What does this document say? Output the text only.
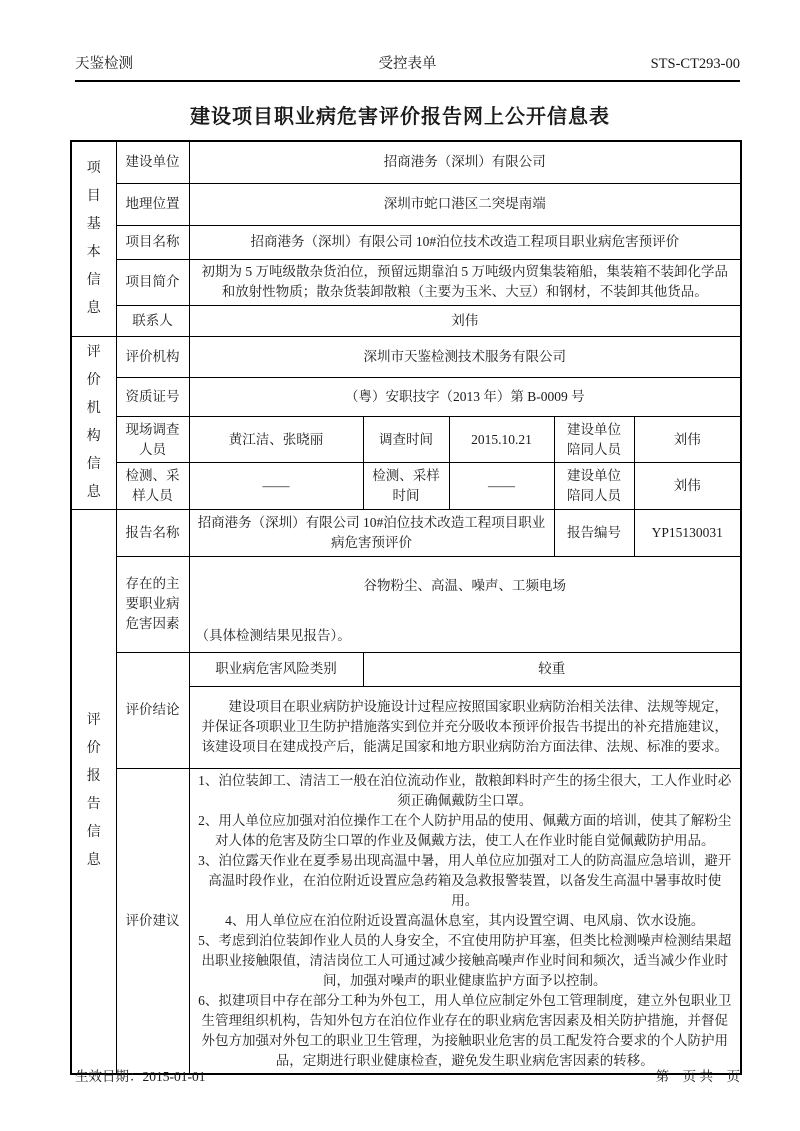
天鉴检测	受控表单	STS-CT293-00
建设项目职业病危害评价报告网上公开信息表
项目基本信息	建设单位	招商港务（深圳）有限公司				
	地理位置	深圳市蛇口港区二突堤南端				
	项目名称	招商港务（深圳）有限公司 10#泊位技术改造工程项目职业病危害预评价				
	项目简介	初期为 5 万吨级散杂货泊位，预留远期靠泊 5 万吨级内贸集装箱船，集装箱不装卸化学品和放射性物质；散杂货装卸散粮（主要为玉米、大豆）和钢材，不装卸其他货品。				
	联系人	刘伟				

评价机构信息	评价机构	深圳市天鉴检测技术服务有限公司				
	资质证号	（粤）安职技字（2013 年）第 B-0009 号				
	现场调查人员	黄江洁、张晓丽	调查时间	2015.10.21	建设单位陪同人员	刘伟
	检测、采样人员	——	检测、采样时间	——	建设单位陪同人员	刘伟

评价报告信息	报告名称	招商港务（深圳）有限公司 10#泊位技术改造工程项目职业病危害预评价			报告编号	YP15130031
	存在的主要职业病危害因素	谷物粉尘、高温、噪声、工频电场
（具体检测结果见报告）。				

	评价结论	职业病危害风险类别	较重			

		建设项目在职业病防护设施设计过程应按照国家职业病防治相关法律、法规等规定，并保证各项职业卫生防护措施落实到位并充分吸收本预评价报告书提出的补充措施建议，该建设项目在建成投产后，能满足国家和地方职业病防治方面法律、法规、标准的要求。				

评价建议	

1、泊位装卸工、清洁工一般在泊位流动作业，散粮卸料时产生的扬尘很大，工人作业时必须正确佩戴防尘口罩。

2、用人单位应加强对泊位操作工在个人防护用品的使用、佩戴方面的培训，使其了解粉尘对人体的危害及防尘口罩的作业及佩戴方法，使工人在作业时能自觉佩戴防护用品。

3、泊位露天作业在夏季易出现高温中暑，用人单位应加强对工人的防高温应急培训，避开高温时段作业，在泊位附近设置应急药箱及急救报警装置，以备发生高温中暑事故时使用。

4、用人单位应在泊位附近设置高温休息室，其内设置空调、电风扇、饮水设施。

5、考虑到泊位装卸作业人员的人身安全，不宜使用防护耳塞，但类比检测噪声检测结果超出职业接触限值，清洁岗位工人可通过减少接触高噪声作业时间和频次，适当减少作业时间，加强对噪声的职业健康监护方面予以控制。

6、拟建项目中存在部分工种为外包工，用人单位应制定外包工管理制度，建立外包职业卫生管理组织机构，告知外包方在泊位作业存在的职业病危害因素及相关防护措施，并督促外包方加强对外包工的职业卫生管理，为接触职业危害的员工配发符合要求的个人防护用品，定期进行职业健康检查，避免发生职业病危害因素的转移。

生效日期：2015-01-01	第　页 共　页
